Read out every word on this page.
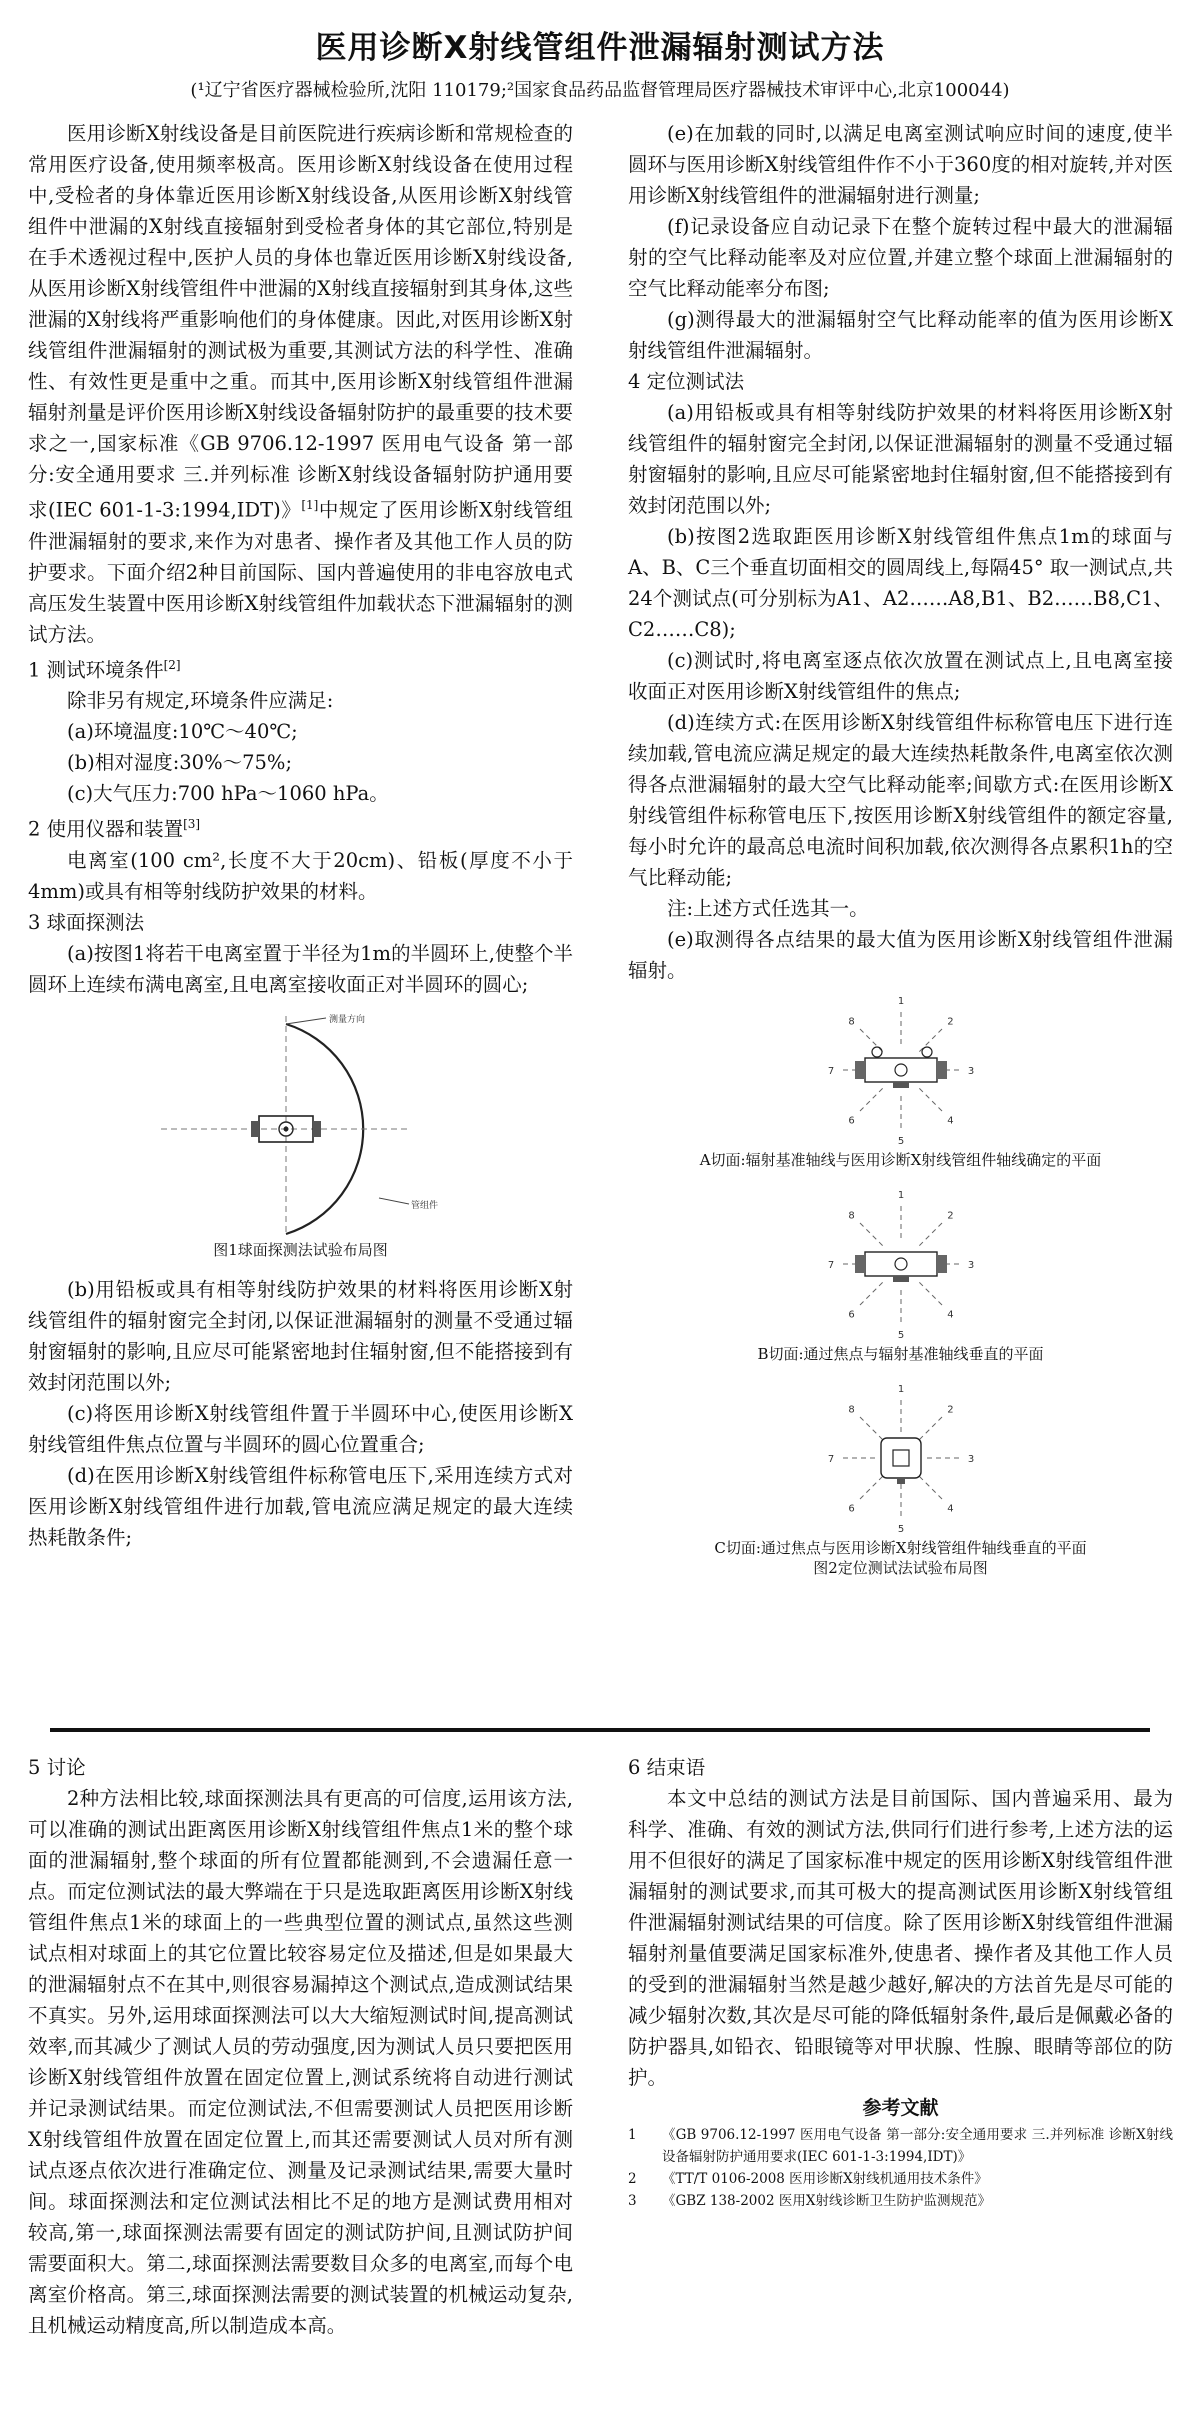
医用诊断X射线管组件泄漏辐射测试方法
(¹辽宁省医疗器械检验所,沈阳 110179;²国家食品药品监督管理局医疗器械技术审评中心,北京100044)

医用诊断X射线设备是目前医院进行疾病诊断和常规检查的常用医疗设备,使用频率极高。医用诊断X射线设备在使用过程中,受检者的身体靠近医用诊断X射线设备,从医用诊断X射线管组件中泄漏的X射线直接辐射到受检者身体的其它部位,特别是在手术透视过程中,医护人员的身体也靠近医用诊断X射线设备,从医用诊断X射线管组件中泄漏的X射线直接辐射到其身体,这些泄漏的X射线将严重影响他们的身体健康。因此,对医用诊断X射线管组件泄漏辐射的测试极为重要,其测试方法的科学性、准确性、有效性更是重中之重。而其中,医用诊断X射线管组件泄漏辐射剂量是评价医用诊断X射线设备辐射防护的最重要的技术要求之一,国家标准《GB 9706.12-1997 医用电气设备 第一部分:安全通用要求 三.并列标准 诊断X射线设备辐射防护通用要求(IEC 601-1-3:1994,IDT)》[1]中规定了医用诊断X射线管组件泄漏辐射的要求,来作为对患者、操作者及其他工作人员的防护要求。下面介绍2种目前国际、国内普遍使用的非电容放电式高压发生装置中医用诊断X射线管组件加载状态下泄漏辐射的测试方法。

1 测试环境条件[2]

除非另有规定,环境条件应满足:

(a)环境温度:10℃～40℃;

(b)相对湿度:30%～75%;

(c)大气压力:700 hPa～1060 hPa。

2 使用仪器和装置[3]

电离室(100 cm²,长度不大于20cm)、铅板(厚度不小于4mm)或具有相等射线防护效果的材料。

3 球面探测法

(a)按图1将若干电离室置于半径为1m的半圆环上,使整个半圆环上连续布满电离室,且电离室接收面正对半圆环的圆心;

测量方向
管组件

图1球面探测法试验布局图

(b)用铅板或具有相等射线防护效果的材料将医用诊断X射线管组件的辐射窗完全封闭,以保证泄漏辐射的测量不受通过辐射窗辐射的影响,且应尽可能紧密地封住辐射窗,但不能搭接到有效封闭范围以外;

(c)将医用诊断X射线管组件置于半圆环中心,使医用诊断X射线管组件焦点位置与半圆环的圆心位置重合;

(d)在医用诊断X射线管组件标称管电压下,采用连续方式对医用诊断X射线管组件进行加载,管电流应满足规定的最大连续热耗散条件;

(e)在加载的同时,以满足电离室测试响应时间的速度,使半圆环与医用诊断X射线管组件作不小于360度的相对旋转,并对医用诊断X射线管组件的泄漏辐射进行测量;

(f)记录设备应自动记录下在整个旋转过程中最大的泄漏辐射的空气比释动能率及对应位置,并建立整个球面上泄漏辐射的空气比释动能率分布图;

(g)测得最大的泄漏辐射空气比释动能率的值为医用诊断X射线管组件泄漏辐射。

4 定位测试法

(a)用铅板或具有相等射线防护效果的材料将医用诊断X射线管组件的辐射窗完全封闭,以保证泄漏辐射的测量不受通过辐射窗辐射的影响,且应尽可能紧密地封住辐射窗,但不能搭接到有效封闭范围以外;

(b)按图2选取距医用诊断X射线管组件焦点1m的球面与A、B、C三个垂直切面相交的圆周线上,每隔45° 取一测试点,共24个测试点(可分别标为A1、A2……A8,B1、B2……B8,C1、C2……C8);

(c)测试时,将电离室逐点依次放置在测试点上,且电离室接收面正对医用诊断X射线管组件的焦点;

(d)连续方式:在医用诊断X射线管组件标称管电压下进行连续加载,管电流应满足规定的最大连续热耗散条件,电离室依次测得各点泄漏辐射的最大空气比释动能率;间歇方式:在医用诊断X射线管组件标称管电压下,按医用诊断X射线管组件的额定容量,每小时允许的最高总电流时间积加载,依次测得各点累积1h的空气比释动能;

注:上述方式任选其一。

(e)取测得各点结果的最大值为医用诊断X射线管组件泄漏辐射。

1
2
3
4
5
6
7
8

A切面:辐射基准轴线与医用诊断X射线管组件轴线确定的平面

1
2
3
4
5
6
7
8

B切面:通过焦点与辐射基准轴线垂直的平面

1
2
3
4
5
6
7
8

C切面:通过焦点与医用诊断X射线管组件轴线垂直的平面

图2定位测试法试验布局图

5 讨论

2种方法相比较,球面探测法具有更高的可信度,运用该方法,可以准确的测试出距离医用诊断X射线管组件焦点1米的整个球面的泄漏辐射,整个球面的所有位置都能测到,不会遗漏任意一点。而定位测试法的最大弊端在于只是选取距离医用诊断X射线管组件焦点1米的球面上的一些典型位置的测试点,虽然这些测试点相对球面上的其它位置比较容易定位及描述,但是如果最大的泄漏辐射点不在其中,则很容易漏掉这个测试点,造成测试结果不真实。另外,运用球面探测法可以大大缩短测试时间,提高测试效率,而其减少了测试人员的劳动强度,因为测试人员只要把医用诊断X射线管组件放置在固定位置上,测试系统将自动进行测试并记录测试结果。而定位测试法,不但需要测试人员把医用诊断X射线管组件放置在固定位置上,而其还需要测试人员对所有测试点逐点依次进行准确定位、测量及记录测试结果,需要大量时间。球面探测法和定位测试法相比不足的地方是测试费用相对较高,第一,球面探测法需要有固定的测试防护间,且测试防护间需要面积大。第二,球面探测法需要数目众多的电离室,而每个电离室价格高。第三,球面探测法需要的测试装置的机械运动复杂,且机械运动精度高,所以制造成本高。

6 结束语

本文中总结的测试方法是目前国际、国内普遍采用、最为科学、准确、有效的测试方法,供同行们进行参考,上述方法的运用不但很好的满足了国家标准中规定的医用诊断X射线管组件泄漏辐射的测试要求,而其可极大的提高测试医用诊断X射线管组件泄漏辐射测试结果的可信度。除了医用诊断X射线管组件泄漏辐射剂量值要满足国家标准外,使患者、操作者及其他工作人员的受到的泄漏辐射当然是越少越好,解决的方法首先是尽可能的减少辐射次数,其次是尽可能的降低辐射条件,最后是佩戴必备的防护器具,如铅衣、铅眼镜等对甲状腺、性腺、眼睛等部位的防护。

参考文献

1	《GB 9706.12-1997 医用电气设备 第一部分:安全通用要求 三.并列标准 诊断X射线设备辐射防护通用要求(IEC 601-1-3:1994,IDT)》
2	《TT/T 0106-2008 医用诊断X射线机通用技术条件》
3	《GBZ 138-2002 医用X射线诊断卫生防护监测规范》
